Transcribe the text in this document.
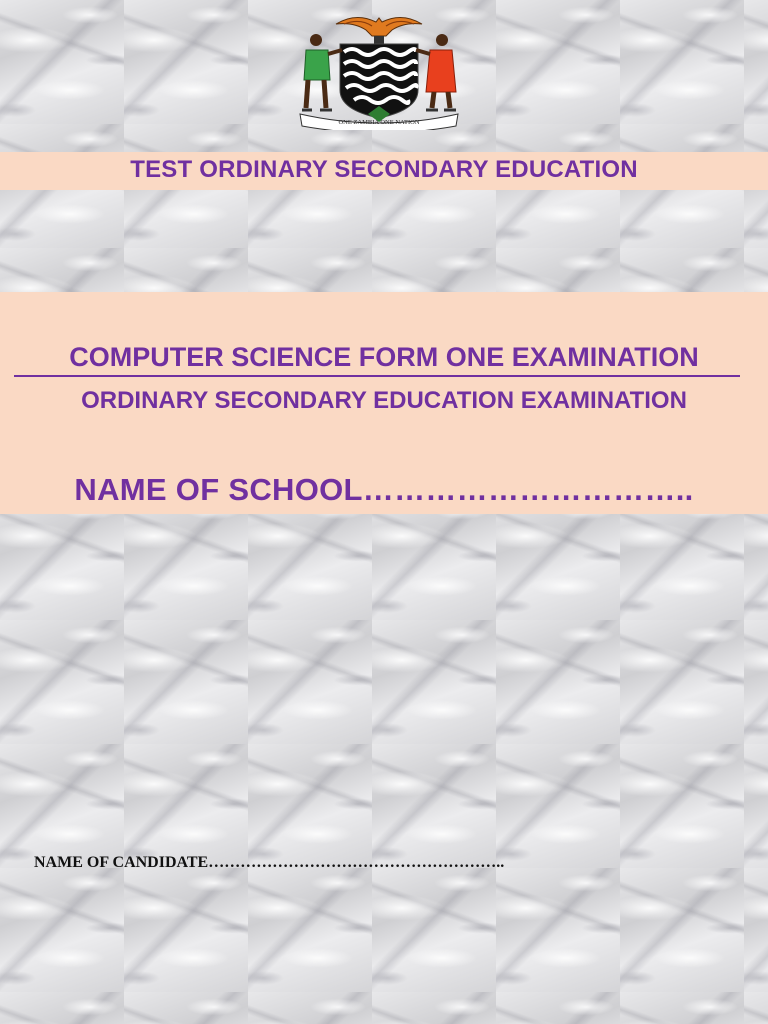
ONE ZAMBIA ONE NATION
TEST ORDINARY SECONDARY EDUCATION
COMPUTER SCIENCE FORM ONE EXAMINATION
ORDINARY SECONDARY EDUCATION EXAMINATION
NAME OF SCHOOL…………………………..
NAME OF CANDIDATE………………………………………………..
